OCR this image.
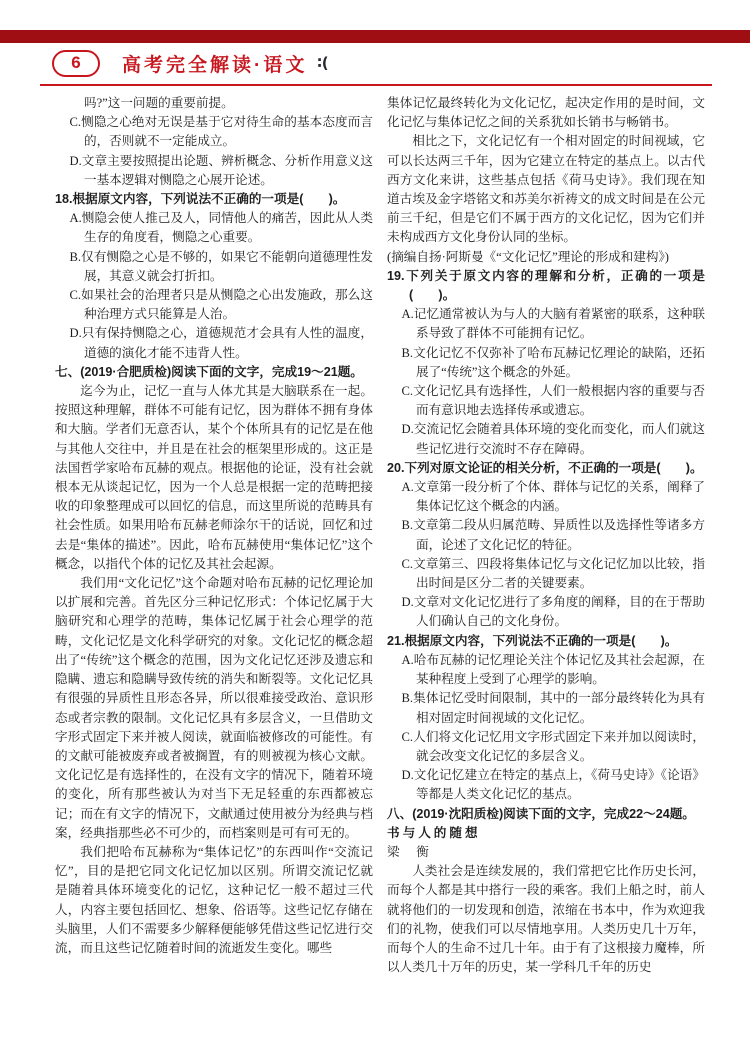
6 高考完全解读·语文 ∶(

吗?”这一问题的重要前提。

C.恻隐之心绝对无误是基于它对待生命的基本态度而言的，否则就不一定能成立。

D.文章主要按照提出论题、辨析概念、分析作用意义这一基本逻辑对恻隐之心展开论述。

18.根据原文内容，下列说法不正确的一项是(　　)。

A.恻隐会使人推己及人，同情他人的痛苦，因此从人类生存的角度看，恻隐之心重要。

B.仅有恻隐之心是不够的，如果它不能朝向道德理性发展，其意义就会打折扣。

C.如果社会的治理者只是从恻隐之心出发施政，那么这种治理方式只能算是人治。

D.只有保持恻隐之心，道德规范才会具有人性的温度，道德的演化才能不违背人性。

七、(2019·合肥质检)阅读下面的文字，完成19～21题。

迄今为止，记忆一直与人体尤其是大脑联系在一起。按照这种理解，群体不可能有记忆，因为群体不拥有身体和大脑。学者们无意否认，某个个体所具有的记忆是在他与其他人交往中，并且是在社会的框架里形成的。这正是法国哲学家哈布瓦赫的观点。根据他的论证，没有社会就根本无从谈起记忆，因为一个人总是根据一定的范畴把接收的印象整理成可以回忆的信息，而这里所说的范畴具有社会性质。如果用哈布瓦赫老师涂尔干的话说，回忆和过去是“集体的描述”。因此，哈布瓦赫使用“集体记忆”这个概念，以指代个体的记忆及其社会起源。

我们用“文化记忆”这个命题对哈布瓦赫的记忆理论加以扩展和完善。首先区分三种记忆形式：个体记忆属于大脑研究和心理学的范畴，集体记忆属于社会心理学的范畴，文化记忆是文化科学研究的对象。文化记忆的概念超出了“传统”这个概念的范围，因为文化记忆还涉及遗忘和隐瞒、遗忘和隐瞒导致传统的消失和断裂等。文化记忆具有很强的异质性且形态各异，所以很难接受政治、意识形态或者宗教的限制。文化记忆具有多层含义，一旦借助文字形式固定下来并被人阅读，就面临被修改的可能性。有的文献可能被废弃或者被搁置，有的则被视为核心文献。文化记忆是有选择性的，在没有文字的情况下，随着环境的变化，所有那些被认为对当下无足轻重的东西都被忘记；而在有文字的情况下，文献通过使用被分为经典与档案，经典指那些必不可少的，而档案则是可有可无的。

我们把哈布瓦赫称为“集体记忆”的东西叫作“交流记忆”，目的是把它同文化记忆加以区别。所谓交流记忆就是随着具体环境变化的记忆，这种记忆一般不超过三代人，内容主要包括回忆、想象、俗语等。这些记忆存储在头脑里，人们不需要多少解释便能够凭借这些记忆进行交流，而且这些记忆随着时间的流逝发生变化。哪些

集体记忆最终转化为文化记忆，起决定作用的是时间，文化记忆与集体记忆之间的关系犹如长销书与畅销书。

相比之下，文化记忆有一个相对固定的时间视域，它可以长达两三千年，因为它建立在特定的基点上。以古代西方文化来讲，这些基点包括《荷马史诗》。我们现在知道古埃及金字塔铭文和苏美尔祈祷文的成文时间是在公元前三千纪，但是它们不属于西方的文化记忆，因为它们并未构成西方文化身份认同的坐标。

(摘编自扬·阿斯曼《“文化记忆”理论的形成和建构》)

19.下列关于原文内容的理解和分析，正确的一项是(　　)。

A.记忆通常被认为与人的大脑有着紧密的联系，这种联系导致了群体不可能拥有记忆。

B.文化记忆不仅弥补了哈布瓦赫记忆理论的缺陷，还拓展了“传统”这个概念的外延。

C.文化记忆具有选择性，人们一般根据内容的重要与否而有意识地去选择传承或遗忘。

D.交流记忆会随着具体环境的变化而变化，而人们就这些记忆进行交流时不存在障碍。

20.下列对原文论证的相关分析，不正确的一项是(　　)。

A.文章第一段分析了个体、群体与记忆的关系，阐释了集体记忆这个概念的内涵。

B.文章第二段从归属范畴、异质性以及选择性等诸多方面，论述了文化记忆的特征。

C.文章第三、四段将集体记忆与文化记忆加以比较，指出时间是区分二者的关键要素。

D.文章对文化记忆进行了多角度的阐释，目的在于帮助人们确认自己的文化身份。

21.根据原文内容，下列说法不正确的一项是(　　)。

A.哈布瓦赫的记忆理论关注个体记忆及其社会起源，在某种程度上受到了心理学的影响。

B.集体记忆受时间限制，其中的一部分最终转化为具有相对固定时间视域的文化记忆。

C.人们将文化记忆用文字形式固定下来并加以阅读时，就会改变文化记忆的多层含义。

D.文化记忆建立在特定的基点上，《荷马史诗》《论语》等都是人类文化记忆的基点。

八、(2019·沈阳质检)阅读下面的文字，完成22～24题。

书与人的随想

梁　衡

人类社会是连续发展的，我们常把它比作历史长河，而每个人都是其中搭行一段的乘客。我们上船之时，前人就将他们的一切发现和创造，浓缩在书本中，作为欢迎我们的礼物，使我们可以尽情地享用。人类历史几十万年，而每个人的生命不过几十年。由于有了这根接力魔棒，所以人类几十万年的历史，某一学科几千年的历史
